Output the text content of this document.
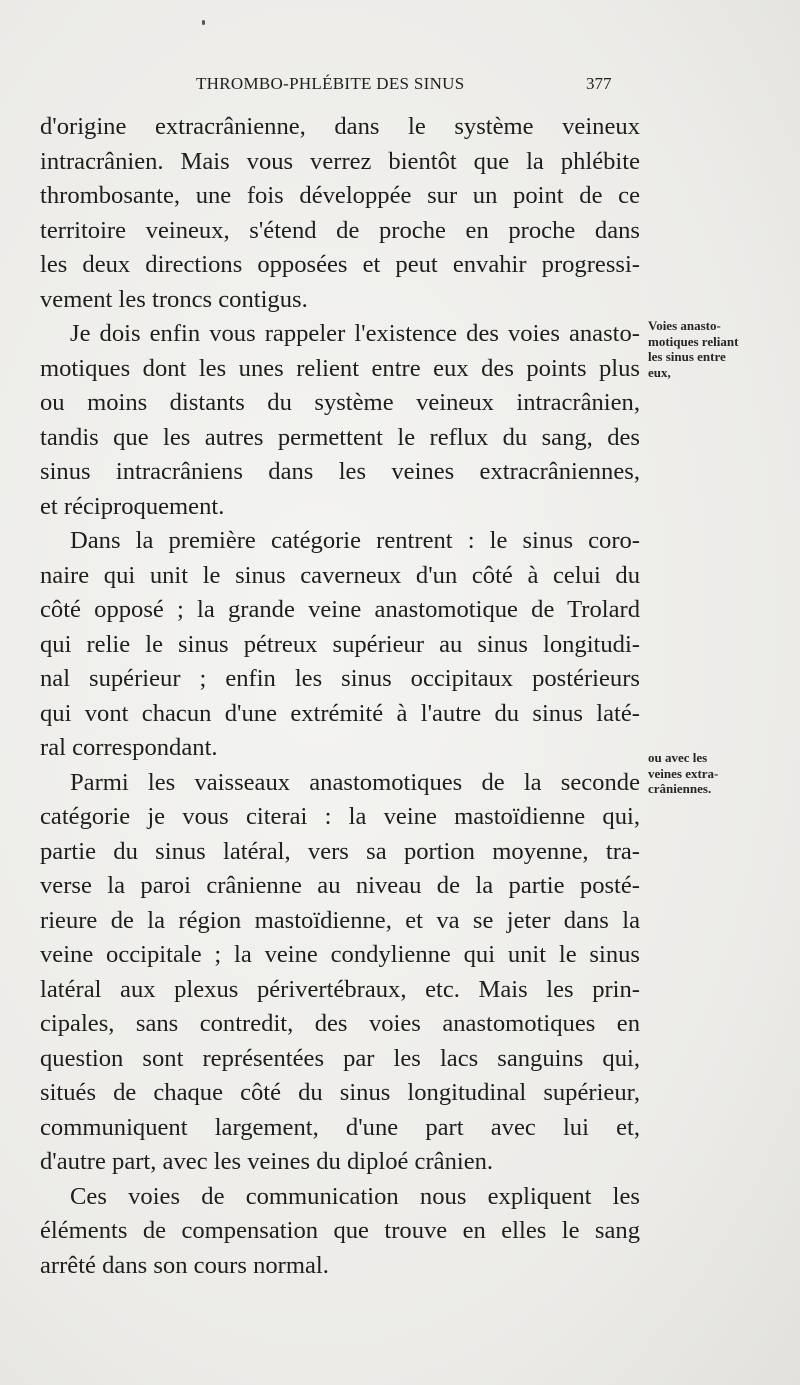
THROMBO-PHLÉBITE DES SINUS	377
d'origine extracrânienne, dans le système veineux
intracrânien. Mais vous verrez bientôt que la phlébite
thrombosante, une fois développée sur un point de ce
territoire veineux, s'étend de proche en proche dans
les deux directions opposées et peut envahir progressi-
vement les troncs contigus.
Je dois enfin vous rappeler l'existence des voies anasto-
motiques dont les unes relient entre eux des points plus
ou moins distants du système veineux intracrânien,
tandis que les autres permettent le reflux du sang, des
sinus intracrâniens dans les veines extracrâniennes,
et réciproquement.
Dans la première catégorie rentrent : le sinus coro-
naire qui unit le sinus caverneux d'un côté à celui du
côté opposé ; la grande veine anastomotique de Trolard
qui relie le sinus pétreux supérieur au sinus longitudi-
nal supérieur ; enfin les sinus occipitaux postérieurs
qui vont chacun d'une extrémité à l'autre du sinus laté-
ral correspondant.
Parmi les vaisseaux anastomotiques de la seconde
catégorie je vous citerai : la veine mastoïdienne qui,
partie du sinus latéral, vers sa portion moyenne, tra-
verse la paroi crânienne au niveau de la partie posté-
rieure de la région mastoïdienne, et va se jeter dans la
veine occipitale ; la veine condylienne qui unit le sinus
latéral aux plexus périvertébraux, etc. Mais les prin-
cipales, sans contredit, des voies anastomotiques en
question sont représentées par les lacs sanguins qui,
situés de chaque côté du sinus longitudinal supérieur,
communiquent largement, d'une part avec lui et,
d'autre part, avec les veines du diploé crânien.
Ces voies de communication nous expliquent les
éléments de compensation que trouve en elles le sang
arrêté dans son cours normal.
Voies anasto-
motiques reliant
les sinus entre
eux,
ou avec les
veines extra-
crâniennes.
